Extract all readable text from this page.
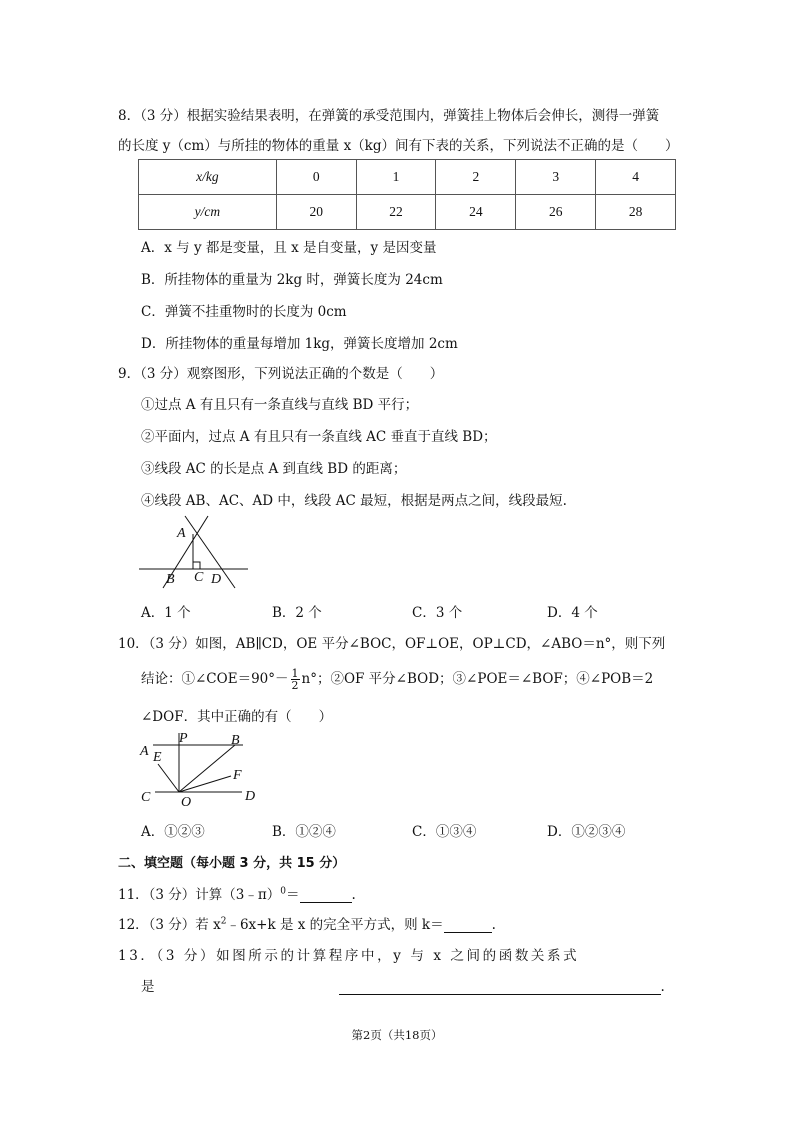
8．（3 分）根据实验结果表明，在弹簧的承受范围内，弹簧挂上物体后会伸长，测得一弹簧
的长度 y（cm）与所挂的物体的重量 x（kg）间有下表的关系，下列说法不正确的是（　　）
x/kg	0	1	2	3	4
y/cm	20	22	24	26	28
A．x 与 y 都是变量，且 x 是自变量，y 是因变量
B．所挂物体的重量为 2kg 时，弹簧长度为 24cm
C．弹簧不挂重物时的长度为 0cm
D．所挂物体的重量每增加 1kg，弹簧长度增加 2cm
9．（3 分）观察图形，下列说法正确的个数是（　　）
①过点 A 有且只有一条直线与直线 BD 平行；
②平面内，过点 A 有且只有一条直线 AC 垂直于直线 BD；
③线段 AC 的长是点 A 到直线 BD 的距离；
④线段 AB、AC、AD 中，线段 AC 最短，根据是两点之间，线段最短.
A
B C D
A．1 个	B．2 个	C．3 个	D．4 个
10．（3 分）如图，AB∥CD，OE 平分∠BOC，OF⊥OE，OP⊥CD，∠ABO＝n°，则下列
结论：①∠COE＝90°－ $\frac{1}{2} n^\circ$；②OF 平分∠BOD；③∠POE＝∠BOF；④∠POB＝2
∠DOF．其中正确的有（　　）
A
P	B
E
F
C O	D
A．①②③	B．①②④	C．①③④	D．①②③④
二、填空题（每小题 3 分，共 15 分）
11．（3 分）计算（3﹣π）$^0$＝	.
12．（3 分）若 $x^2﹣6x+k$ 是 x 的完全平方式，则 k＝	.
13．（3 分）如图所示的计算程序中，y 与 x 之间的函数关系式
是	.
第2页（共18页）
